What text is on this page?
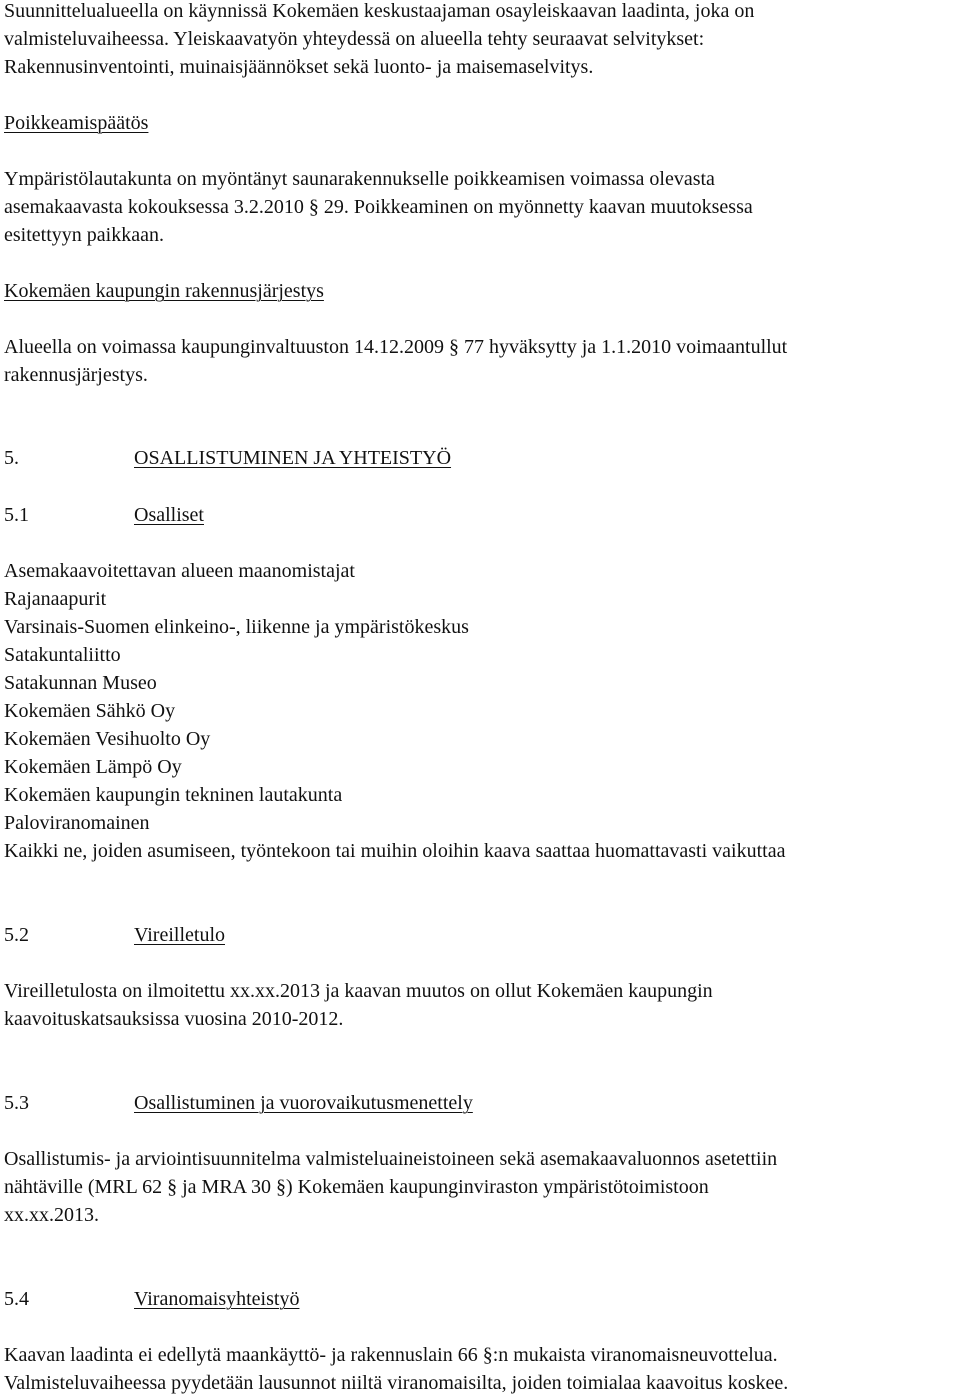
Suunnittelualueella on käynnissä Kokemäen keskustaajaman osayleiskaavan laadinta, joka on
valmisteluvaiheessa. Yleiskaavatyön yhteydessä on alueella tehty seuraavat selvitykset:
Rakennusinventointi, muinaisjäännökset sekä luonto- ja maisemaselvitys.
Poikkeamispäätös
Ympäristölautakunta on myöntänyt saunarakennukselle poikkeamisen voimassa olevasta
asemakaavasta kokouksessa 3.2.2010 § 29. Poikkeaminen on myönnetty kaavan muutoksessa
esitettyyn paikkaan.
Kokemäen kaupungin rakennusjärjestys
Alueella on voimassa kaupunginvaltuuston 14.12.2009 § 77 hyväksytty ja 1.1.2010 voimaantullut
rakennusjärjestys.
5.	OSALLISTUMINEN JA YHTEISTYÖ
5.1	Osalliset
Asemakaavoitettavan alueen maanomistajat
Rajanaapurit
Varsinais-Suomen elinkeino-, liikenne ja ympäristökeskus
Satakuntaliitto
Satakunnan Museo
Kokemäen Sähkö Oy
Kokemäen Vesihuolto Oy
Kokemäen Lämpö Oy
Kokemäen kaupungin tekninen lautakunta
Paloviranomainen
Kaikki ne, joiden asumiseen, työntekoon tai muihin oloihin kaava saattaa huomattavasti vaikuttaa
5.2	Vireilletulo
Vireilletulosta on ilmoitettu xx.xx.2013 ja kaavan muutos on ollut Kokemäen kaupungin
kaavoituskatsauksissa vuosina 2010-2012.
5.3	Osallistuminen ja vuorovaikutusmenettely
Osallistumis- ja arviointisuunnitelma valmisteluaineistoineen sekä asemakaavaluonnos asetettiin
nähtäville (MRL 62 § ja MRA 30 §) Kokemäen kaupunginviraston ympäristötoimistoon
xx.xx.2013.
5.4	Viranomaisyhteistyö
Kaavan laadinta ei edellytä maankäyttö- ja rakennuslain 66 §:n mukaista viranomaisneuvottelua.
Valmisteluvaiheessa pyydetään lausunnot niiltä viranomaisilta, joiden toimialaa kaavoitus koskee.
